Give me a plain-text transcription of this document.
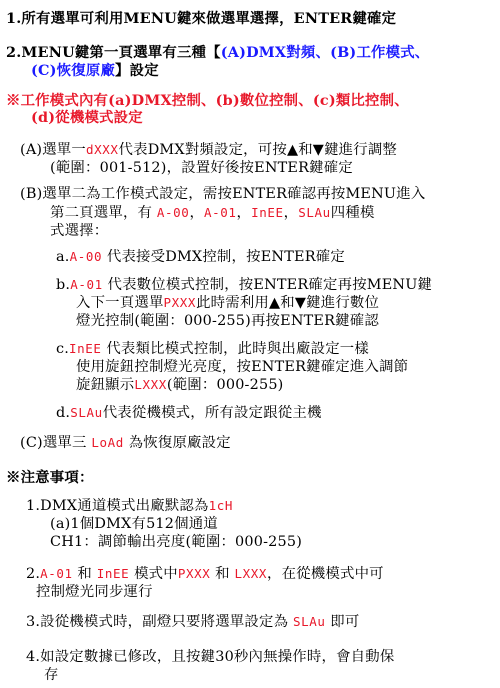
1.所有選單可利用MENU鍵來做選單選擇，ENTER鍵確定
2.MENU鍵第一頁選單有三種【(A)DMX對頻、(B)工作模式、
(C)恢復原廠】設定
※工作模式內有(a)DMX控制、(b)數位控制、(c)類比控制、
(d)從機模式設定
(A)選單一dXXX代表DMX對頻設定，可按▲和▼鍵進行調整
(範圍：001-512)，設置好後按ENTER鍵確定
(B)選單二為工作模式設定，需按ENTER確認再按MENU進入
第二頁選單，有 A-00，A-01，InEE，SLAu四種模
式選擇：
a.A-00 代表接受DMX控制，按ENTER確定
b.A-01 代表數位模式控制，按ENTER確定再按MENU鍵
入下一頁選單PXXX此時需利用▲和▼鍵進行數位
燈光控制(範圍：000-255)再按ENTER鍵確認
c.InEE 代表類比模式控制，此時與出廠設定一樣
使用旋鈕控制燈光亮度，按ENTER鍵確定進入調節
旋鈕顯示LXXX(範圍：000-255)
d.SLAu代表從機模式，所有設定跟從主機
(C)選單三 LoAd 為恢復原廠設定
※注意事項：
1.DMX通道模式出廠默認為1cH
(a)1個DMX有512個通道
CH1：調節輸出亮度(範圍：000-255)
2.A-01 和 InEE 模式中PXXX 和 LXXX，在從機模式中可
控制燈光同步運行
3.設從機模式時，副燈只要將選單設定為 SLAu 即可
4.如設定數據已修改，且按鍵30秒內無操作時，會自動保
存
